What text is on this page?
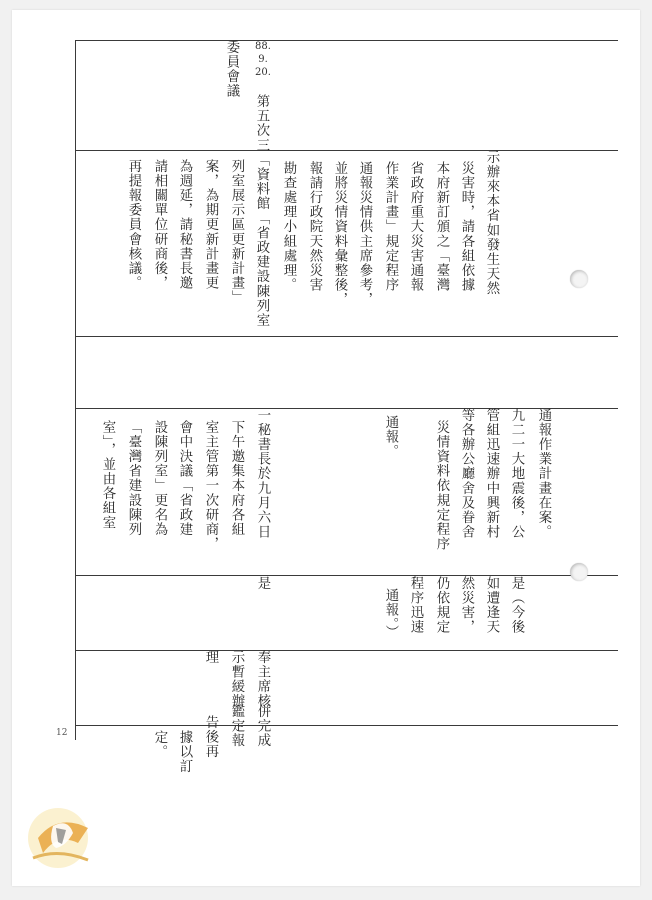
88.
9.
20.
委員會議
第五次
三「資料館「省政建設陳列室
列室展示區更新計畫」
案，為期更新計畫更
為週延，請秘書長邀
請相關單位研商後，
再提報委員會核議。	示辦來本省如發生天然
災害時，請各組依據
本府新訂頒之「臺灣
省政府重大災害通報
作業計畫」規定程序
通報災情供主席參考，
並將災情資料彙整後，
報請行政院天然災害
勘查處理小組處理。
通報作業計畫在案。
九二一大地震後，公
是（今後
管組迅速辦中興新村
如遭逢天
等各辦公廳舍及眷舍
然災害，
災情資料依規定程序
仍依規定
程序迅速
通報。
通報。）
一秘書長於九月六日
下午邀集本府各組
室主管第一次研商，
會中決議「省政建
設陳列室」更名為
「臺灣省建設陳列
室」，並由各組室
是
奉主席核
示暫緩辦
理
併完成
鑑定報
告後再
據以訂
定。
12
